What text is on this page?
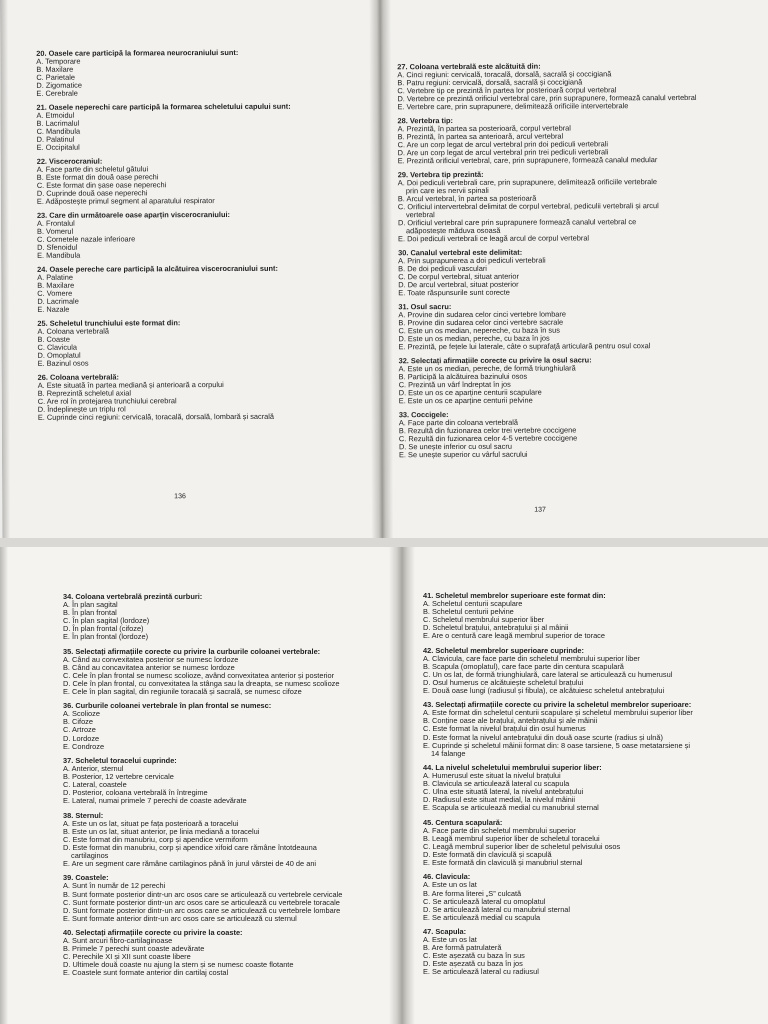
20. Oasele care participă la formarea neurocraniului sunt:
A. Temporare
B. Maxilare
C. Parietale
D. Zigomatice
E. Cerebrale
21. Oasele neperechi care participă la formarea scheletului capului sunt:
A. Etmoidul
B. Lacrimalul
C. Mandibula
D. Palatinul
E. Occipitalul
22. Viscerocraniul:
A. Face parte din scheletul gâtului
B. Este format din două oase perechi
C. Este format din șase oase neperechi
D. Cuprinde două oase neperechi
E. Adăpostește primul segment al aparatului respirator
23. Care din următoarele oase aparțin viscerocraniului:
A. Frontalul
B. Vomerul
C. Cornetele nazale inferioare
D. Sfenoidul
E. Mandibula
24. Oasele pereche care participă la alcătuirea viscerocraniului sunt:
A. Palatine
B. Maxilare
C. Vomere
D. Lacrimale
E. Nazale
25. Scheletul trunchiului este format din:
A. Coloana vertebrală
B. Coaste
C. Clavicula
D. Omoplatul
E. Bazinul osos
26. Coloana vertebrală:
A. Este situată în partea mediană și anterioară a corpului
B. Reprezintă scheletul axial
C. Are rol în protejarea trunchiului cerebral
D. Îndeplinește un triplu rol
E. Cuprinde cinci regiuni: cervicală, toracală, dorsală, lombară și sacrală
136
27. Coloana vertebrală este alcătuită din:
A. Cinci regiuni: cervicală, toracală, dorsală, sacrală și coccigiană
B. Patru regiuni: cervicală, dorsală, sacrală și coccigiană
C. Vertebre tip ce prezintă în partea lor posterioară corpul vertebral
D. Vertebre ce prezintă orificiul vertebral care, prin suprapunere, formează canalul vertebral
E. Vertebre care, prin suprapunere, delimitează orificiile intervertebrale
28. Vertebra tip:
A. Prezintă, în partea sa posterioară, corpul vertebral
B. Prezintă, în partea sa anterioară, arcul vertebral
C. Are un corp legat de arcul vertebral prin doi pediculi vertebrali
D. Are un corp legat de arcul vertebral prin trei pediculi vertebrali
E. Prezintă orificiul vertebral, care, prin suprapunere, formează canalul medular
29. Vertebra tip prezintă:
A. Doi pediculi vertebrali care, prin suprapunere, delimitează orificiile vertebrale
prin care ies nervii spinali
B. Arcul vertebral, în partea sa posterioară
C. Orificiul intervertebral delimitat de corpul vertebral, pediculii vertebrali și arcul
vertebral
D. Orificiul vertebral care prin suprapunere formează canalul vertebral ce
adăpostește măduva osoasă
E. Doi pediculi vertebrali ce leagă arcul de corpul vertebral
30. Canalul vertebral este delimitat:
A. Prin suprapunerea a doi pediculi vertebrali
B. De doi pediculi vasculari
C. De corpul vertebral, situat anterior
D. De arcul vertebral, situat posterior
E. Toate răspunsurile sunt corecte
31. Osul sacru:
A. Provine din sudarea celor cinci vertebre lombare
B. Provine din sudarea celor cinci vertebre sacrale
C. Este un os median, nepereche, cu baza în sus
D. Este un os median, pereche, cu baza în jos
E. Prezintă, pe fețele lui laterale, câte o suprafață articulară pentru osul coxal
32. Selectați afirmațiile corecte cu privire la osul sacru:
A. Este un os median, pereche, de formă triunghiulară
B. Participă la alcătuirea bazinului osos
C. Prezintă un vârf îndreptat în jos
D. Este un os ce aparține centurii scapulare
E. Este un os ce aparține centurii pelvine
33. Coccigele:
A. Face parte din coloana vertebrală
B. Rezultă din fuzionarea celor trei vertebre coccigene
C. Rezultă din fuzionarea celor 4-5 vertebre coccigene
D. Se unește inferior cu osul sacru
E. Se unește superior cu vârful sacrului
137
34. Coloana vertebrală prezintă curburi:
A. În plan sagital
B. În plan frontal
C. În plan sagital (lordoze)
D. În plan frontal (cifoze)
E. În plan frontal (lordoze)
35. Selectați afirmațiile corecte cu privire la curburile coloanei vertebrale:
A. Când au convexitatea posterior se numesc lordoze
B. Când au concavitatea anterior se numesc lordoze
C. Cele în plan frontal se numesc scolioze, având convexitatea anterior și posterior
D. Cele în plan frontal, cu convexitatea la stânga sau la dreapta, se numesc scolioze
E. Cele în plan sagital, din regiunile toracală și sacrală, se numesc cifoze
36. Curburile coloanei vertebrale în plan frontal se numesc:
A. Scolioze
B. Cifoze
C. Artroze
D. Lordoze
E. Condroze
37. Scheletul toracelui cuprinde:
A. Anterior, sternul
B. Posterior, 12 vertebre cervicale
C. Lateral, coastele
D. Posterior, coloana vertebrală în întregime
E. Lateral, numai primele 7 perechi de coaste adevărate
38. Sternul:
A. Este un os lat, situat pe fața posterioară a toracelui
B. Este un os lat, situat anterior, pe linia mediană a toracelui
C. Este format din manubriu, corp și apendice vermiform
D. Este format din manubriu, corp și apendice xifoid care rămâne întotdeauna
cartilaginos
E. Are un segment care rămâne cartilaginos până în jurul vârstei de 40 de ani
39. Coastele:
A. Sunt în număr de 12 perechi
B. Sunt formate posterior dintr-un arc osos care se articulează cu vertebrele cervicale
C. Sunt formate posterior dintr-un arc osos care se articulează cu vertebrele toracale
D. Sunt formate posterior dintr-un arc osos care se articulează cu vertebrele lombare
E. Sunt formate anterior dintr-un arc osos care se articulează cu sternul
40. Selectați afirmațiile corecte cu privire la coaste:
A. Sunt arcuri fibro-cartilaginoase
B. Primele 7 perechi sunt coaste adevărate
C. Perechile XI și XII sunt coaste libere
D. Ultimele două coaste nu ajung la stern și se numesc coaste flotante
E. Coastele sunt formate anterior din cartilaj costal
41. Scheletul membrelor superioare este format din:
A. Scheletul centurii scapulare
B. Scheletul centurii pelvine
C. Scheletul membrului superior liber
D. Scheletul brațului, antebrațului și al mâinii
E. Are o centură care leagă membrul superior de torace
42. Scheletul membrelor superioare cuprinde:
A. Clavicula, care face parte din scheletul membrului superior liber
B. Scapula (omoplatul), care face parte din centura scapulară
C. Un os lat, de formă triunghiulară, care lateral se articulează cu humerusul
D. Osul humerus ce alcătuiește scheletul brațului
E. Două oase lungi (radiusul și fibula), ce alcătuiesc scheletul antebrațului
43. Selectați afirmațiile corecte cu privire la scheletul membrelor superioare:
A. Este format din scheletul centurii scapulare și scheletul membrului superior liber
B. Conține oase ale brațului, antebrațului și ale mâinii
C. Este format la nivelul brațului din osul humerus
D. Este format la nivelul antebrațului din două oase scurte (radius și ulnă)
E. Cuprinde și scheletul mâinii format din: 8 oase tarsiene, 5 oase metatarsiene și
14 falange
44. La nivelul scheletului membrului superior liber:
A. Humerusul este situat la nivelul brațului
B. Clavicula se articulează lateral cu scapula
C. Ulna este situată lateral, la nivelul antebrațului
D. Radiusul este situat medial, la nivelul mâinii
E. Scapula se articulează medial cu manubriul sternal
45. Centura scapulară:
A. Face parte din scheletul membrului superior
B. Leagă membrul superior liber de scheletul toracelui
C. Leagă membrul superior liber de scheletul pelvisului osos
D. Este formată din claviculă și scapulă
E. Este formată din claviculă și manubriul sternal
46. Clavicula:
A. Este un os lat
B. Are forma literei „S” culcată
C. Se articulează lateral cu omoplatul
D. Se articulează lateral cu manubriul sternal
E. Se articulează medial cu scapula
47. Scapula:
A. Este un os lat
B. Are formă patrulateră
C. Este așezată cu baza în sus
D. Este așezată cu baza în jos
E. Se articulează lateral cu radiusul
